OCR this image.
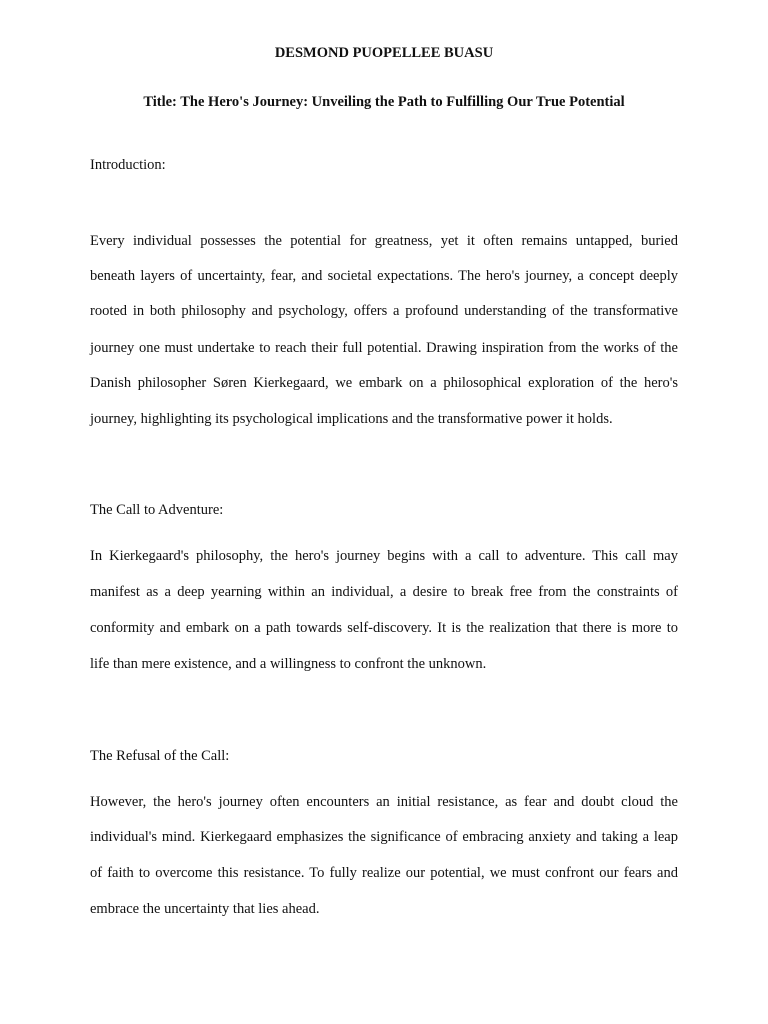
DESMOND PUOPELLEE BUASU
Title: The Hero's Journey: Unveiling the Path to Fulfilling Our True Potential
Introduction:
Every individual possesses the potential for greatness, yet it often remains untapped, buried
beneath layers of uncertainty, fear, and societal expectations. The hero's journey, a concept deeply
rooted in both philosophy and psychology, offers a profound understanding of the transformative
journey one must undertake to reach their full potential. Drawing inspiration from the works of the
Danish philosopher Søren Kierkegaard, we embark on a philosophical exploration of the hero's
journey, highlighting its psychological implications and the transformative power it holds.
The Call to Adventure:
In Kierkegaard's philosophy, the hero's journey begins with a call to adventure. This call may
manifest as a deep yearning within an individual, a desire to break free from the constraints of
conformity and embark on a path towards self-discovery. It is the realization that there is more to
life than mere existence, and a willingness to confront the unknown.
The Refusal of the Call:
However, the hero's journey often encounters an initial resistance, as fear and doubt cloud the
individual's mind. Kierkegaard emphasizes the significance of embracing anxiety and taking a leap
of faith to overcome this resistance. To fully realize our potential, we must confront our fears and
embrace the uncertainty that lies ahead.
